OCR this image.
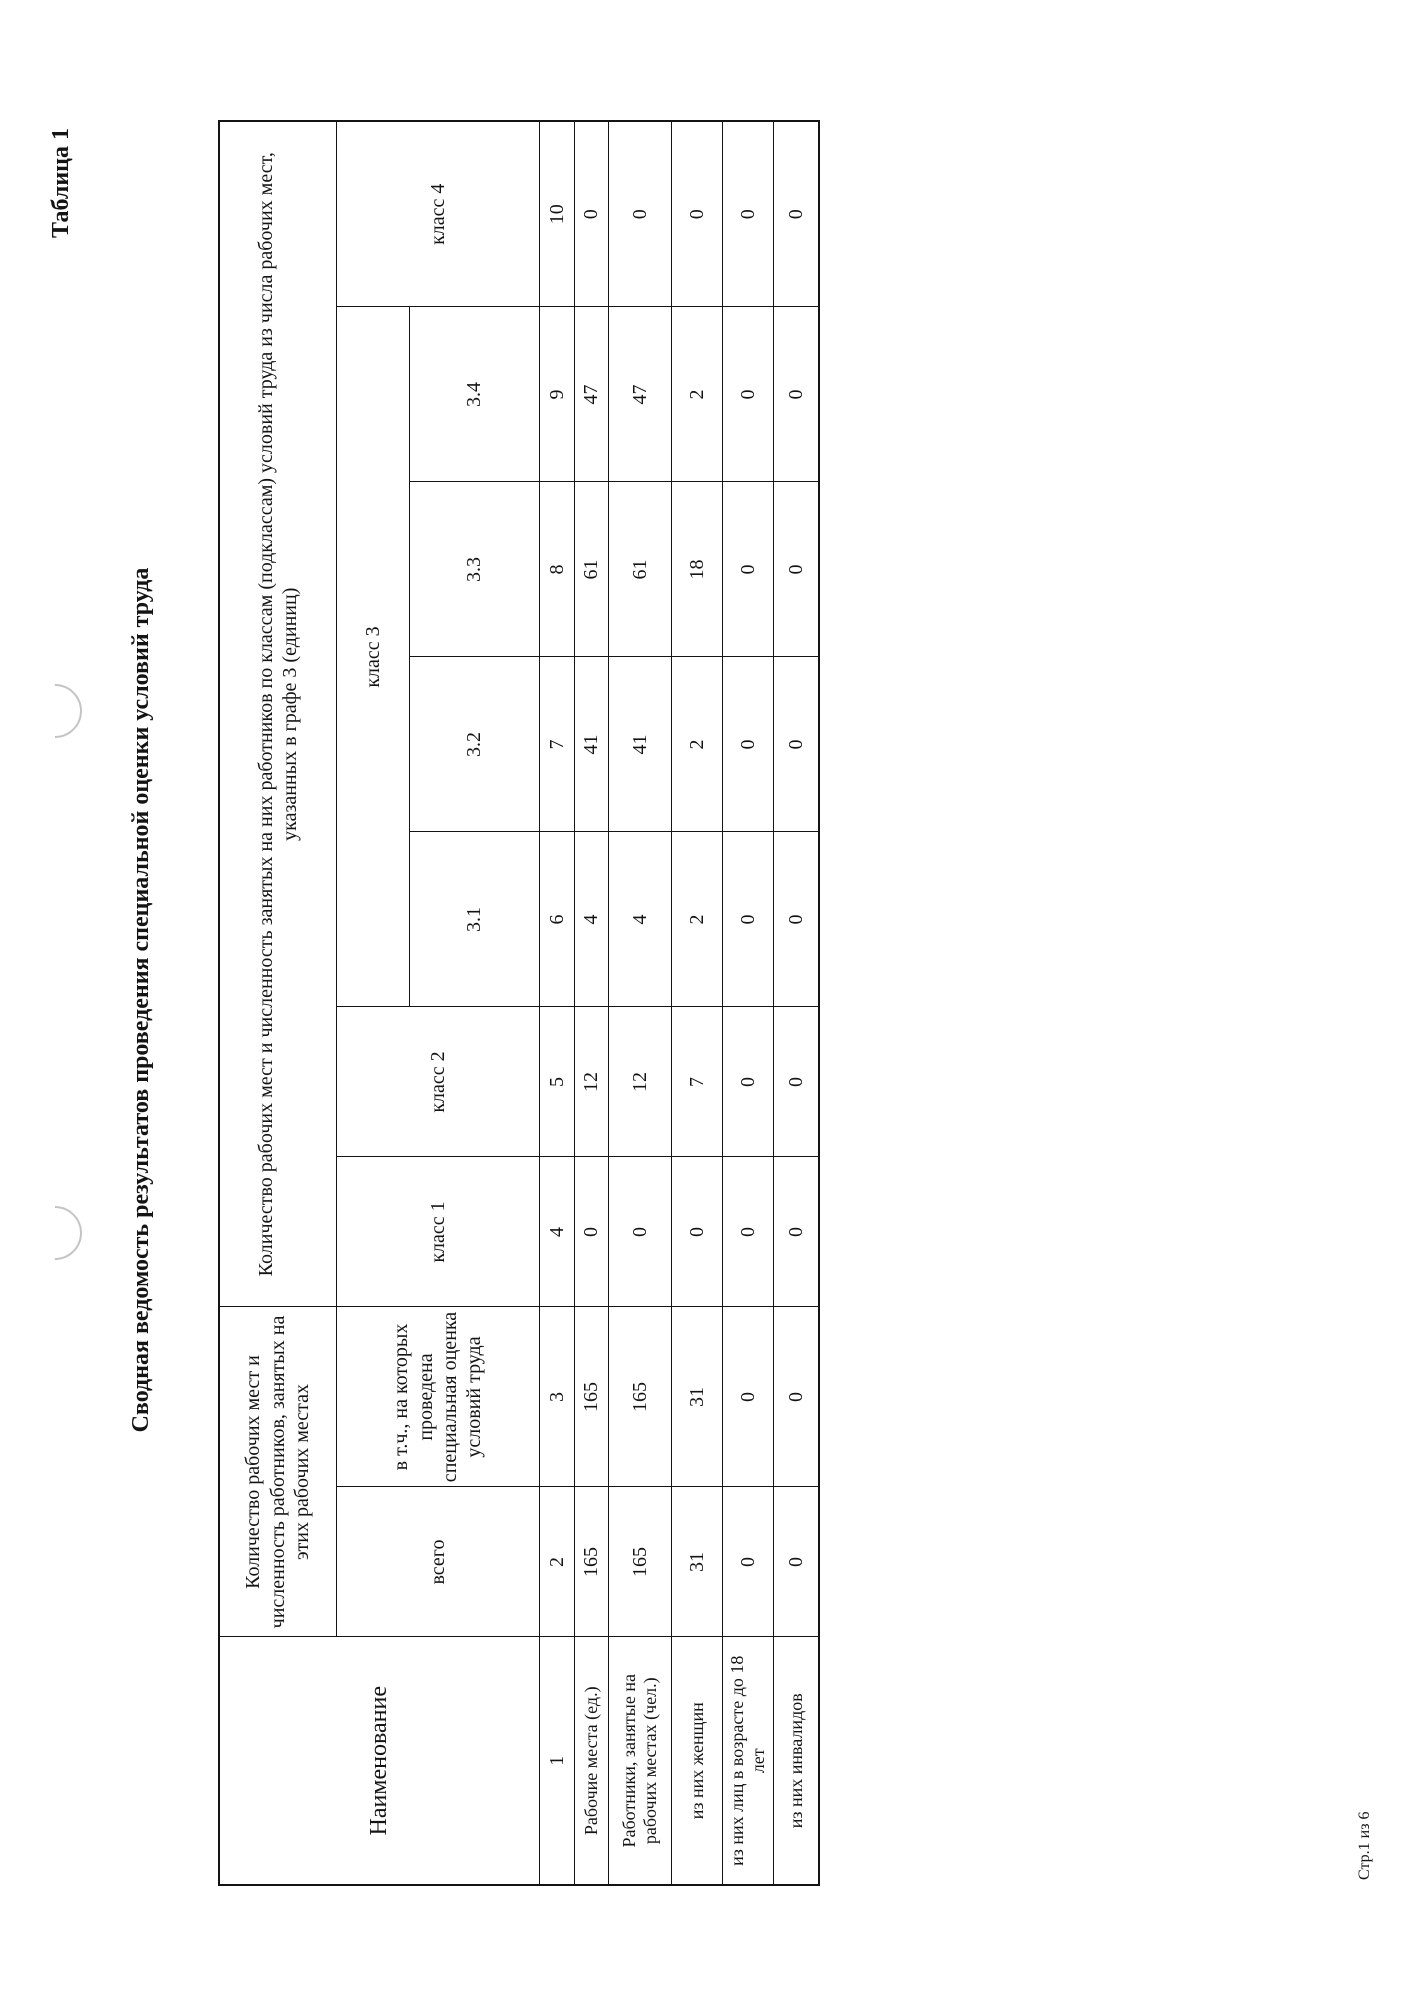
Таблица 1
Сводная ведомость результатов проведения специальной оценки условий труда
Наименование	Количество рабочих мест и численность работников, занятых на этих рабочих местах		Количество рабочих мест и численность занятых на них работников по классам (подклассам) условий труда из числа рабочих мест, указанных в графе 3 (единиц)						
	всего	в т.ч., на которых проведена специальная оценка условий труда	класс 1	класс 2	класс 3				класс 4
					3.1	3.2	3.3	3.4	
1	2	3	4	5	6	7	8	9	10
Рабочие места (ед.)	165	165	0	12	4	41	61	47	0
Работники, занятые на рабочих местах (чел.)	165	165	0	12	4	41	61	47	0
из них женщин	31	31	0	7	2	2	18	2	0
из них лиц в возрасте до 18 лет	0	0	0	0	0	0	0	0	0
из них инвалидов	0	0	0	0	0	0	0	0	0
Стр.1 из 6
